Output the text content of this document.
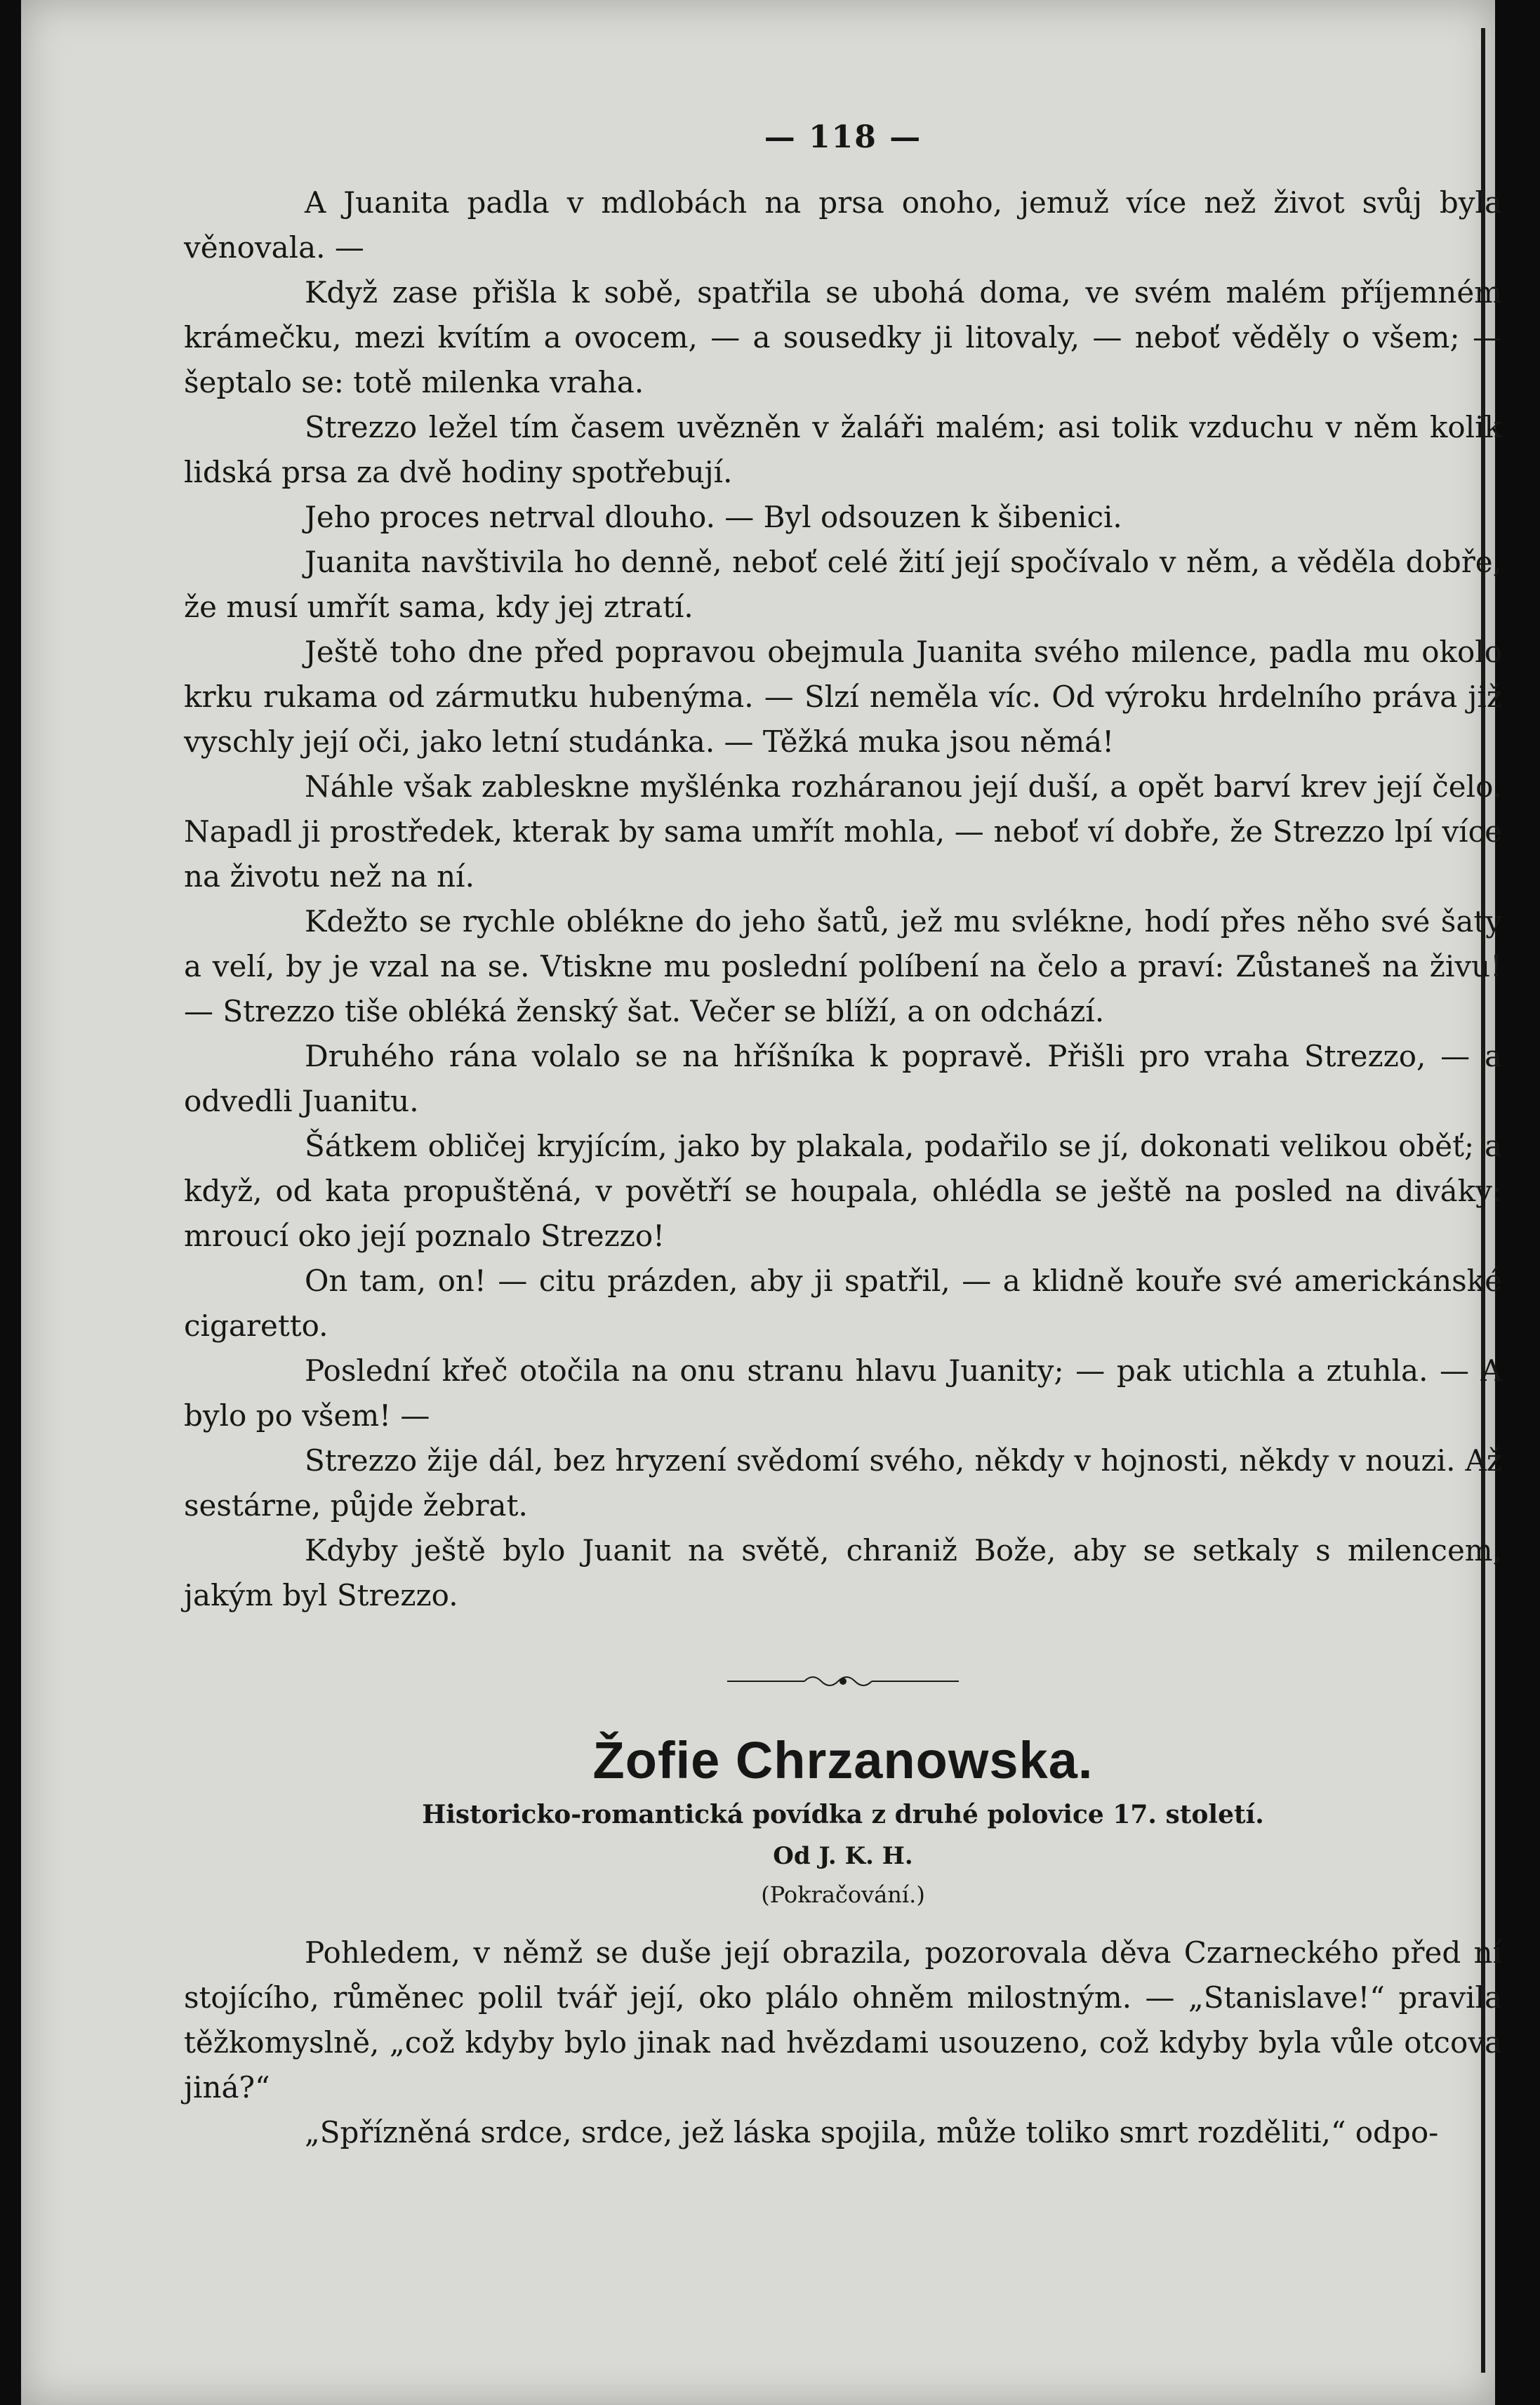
— 118 —

A Juanita padla v mdlobách na prsa onoho, jemuž více než život svůj byla věnovala. —

Když zase přišla k sobě, spatřila se ubohá doma, ve svém malém příjemném krámečku, mezi kvítím a ovocem, — a sousedky ji litovaly, — neboť věděly o všem; — šeptalo se: totě milenka vraha.

Strezzo ležel tím časem uvězněn v žaláři malém; asi tolik vzduchu v něm kolik lidská prsa za dvě hodiny spotřebují.

Jeho proces netrval dlouho. — Byl odsouzen k šibenici.

Juanita navštivila ho denně, neboť celé žití její spočívalo v něm, a věděla dobře, že musí umřít sama, kdy jej ztratí.

Ještě toho dne před popravou obejmula Juanita svého milence, padla mu okolo krku rukama od zármutku hubenýma. — Slzí neměla víc. Od výroku hrdelního práva již vyschly její oči, jako letní studánka. — Těžká muka jsou němá!

Náhle však zableskne myšlénka rozháranou její duší, a opět barví krev její čelo. Napadl ji prostředek, kterak by sama umřít mohla, — neboť ví dobře, že Strezzo lpí více na životu než na ní.

Kdežto se rychle oblékne do jeho šatů, jež mu svlékne, hodí přes něho své šaty a velí, by je vzal na se. Vtiskne mu poslední políbení na čelo a praví: Zůstaneš na živu! — Strezzo tiše obléká ženský šat. Večer se blíží, a on odchází.

Druhého rána volalo se na hříšníka k popravě. Přišli pro vraha Strezzo, — a odvedli Juanitu.

Šátkem obličej kryjícím, jako by plakala, podařilo se jí, dokonati velikou oběť; a když, od kata propuštěná, v povětří se houpala, ohlédla se ještě na posled na diváky: mroucí oko její poznalo Strezzo!

On tam, on! — citu prázden, aby ji spatřil, — a klidně kouře své americkánské cigaretto.

Poslední křeč otočila na onu stranu hlavu Juanity; — pak utichla a ztuhla. — A bylo po všem! —

Strezzo žije dál, bez hryzení svědomí svého, někdy v hojnosti, někdy v nouzi. Až sestárne, půjde žebrat.

Kdyby ještě bylo Juanit na světě, chraniž Bože, aby se setkaly s milencem, jakým byl Strezzo.

Žofie Chrzanowska.
Historicko-romantická povídka z druhé polovice 17. století.
Od J. K. H.
(Pokračování.)

Pohledem, v němž se duše její obrazila, pozorovala děva Czarneckého před ní stojícího, růměnec polil tvář její, oko plálo ohněm milostným. — „Stanislave!“ pravila těžkomyslně, „což kdyby bylo jinak nad hvězdami usouzeno, což kdyby byla vůle otcova jiná?“

„Spřízněná srdce, srdce, jež láska spojila, může toliko smrt rozděliti,“ odpo-
